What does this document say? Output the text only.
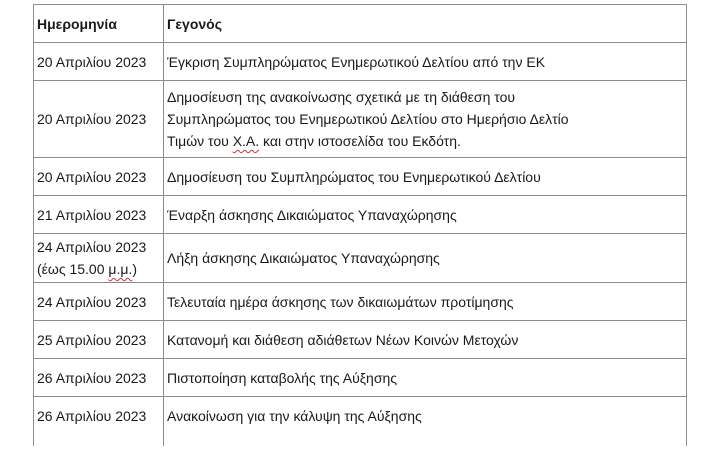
Ημερομηνία	Γεγονός
20 Απριλίου 2023	Έγκριση Συμπληρώματος Ενημερωτικού Δελτίου από την ΕΚ
20 Απριλίου 2023	Δημοσίευση της ανακοίνωσης σχετικά με τη διάθεση του
Συμπληρώματος του Ενημερωτικού Δελτίου στο Ημερήσιο Δελτίο
Τιμών του Χ.Α. και στην ιστοσελίδα του Εκδότη.

20 Απριλίου 2023	Δημοσίευση του Συμπληρώματος του Ενημερωτικού Δελτίου
21 Απριλίου 2023	Έναρξη άσκησης Δικαιώματος Υπαναχώρησης

24 Απριλίου 2023
(έως 15.00 μ.μ.)	Λήξη άσκησης Δικαιώματος Υπαναχώρησης
24 Απριλίου 2023	Τελευταία ημέρα άσκησης των δικαιωμάτων προτίμησης
25 Απριλίου 2023	Κατανομή και διάθεση αδιάθετων Νέων Κοινών Μετοχών
26 Απριλίου 2023	Πιστοποίηση καταβολής της Αύξησης
26 Απριλίου 2023	Ανακοίνωση για την κάλυψη της Αύξησης
